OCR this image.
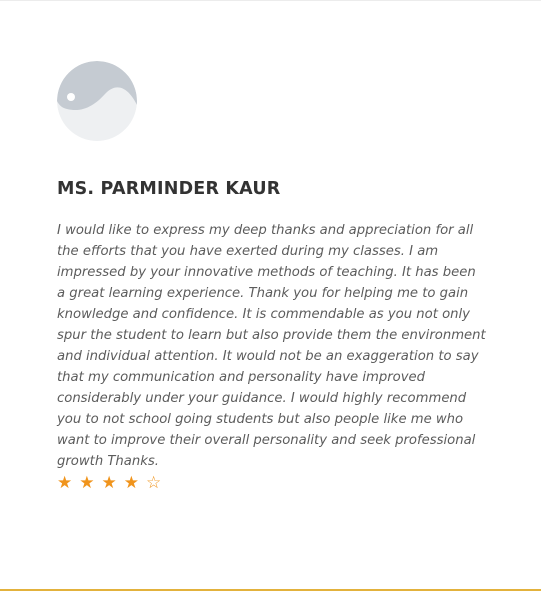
MS. PARMINDER KAUR
I would like to express my deep thanks and appreciation for all the efforts that you have exerted during my classes. I am impressed by your innovative methods of teaching. It has been a great learning experience. Thank you for helping me to gain knowledge and confidence. It is commendable as you not only spur the student to learn but also provide them the environment and individual attention. It would not be an exaggeration to say that my communication and personality have improved considerably under your guidance. I would highly recommend you to not school going students but also people like me who want to improve their overall personality and seek professional growth Thanks.
★ ★ ★ ★ ☆
